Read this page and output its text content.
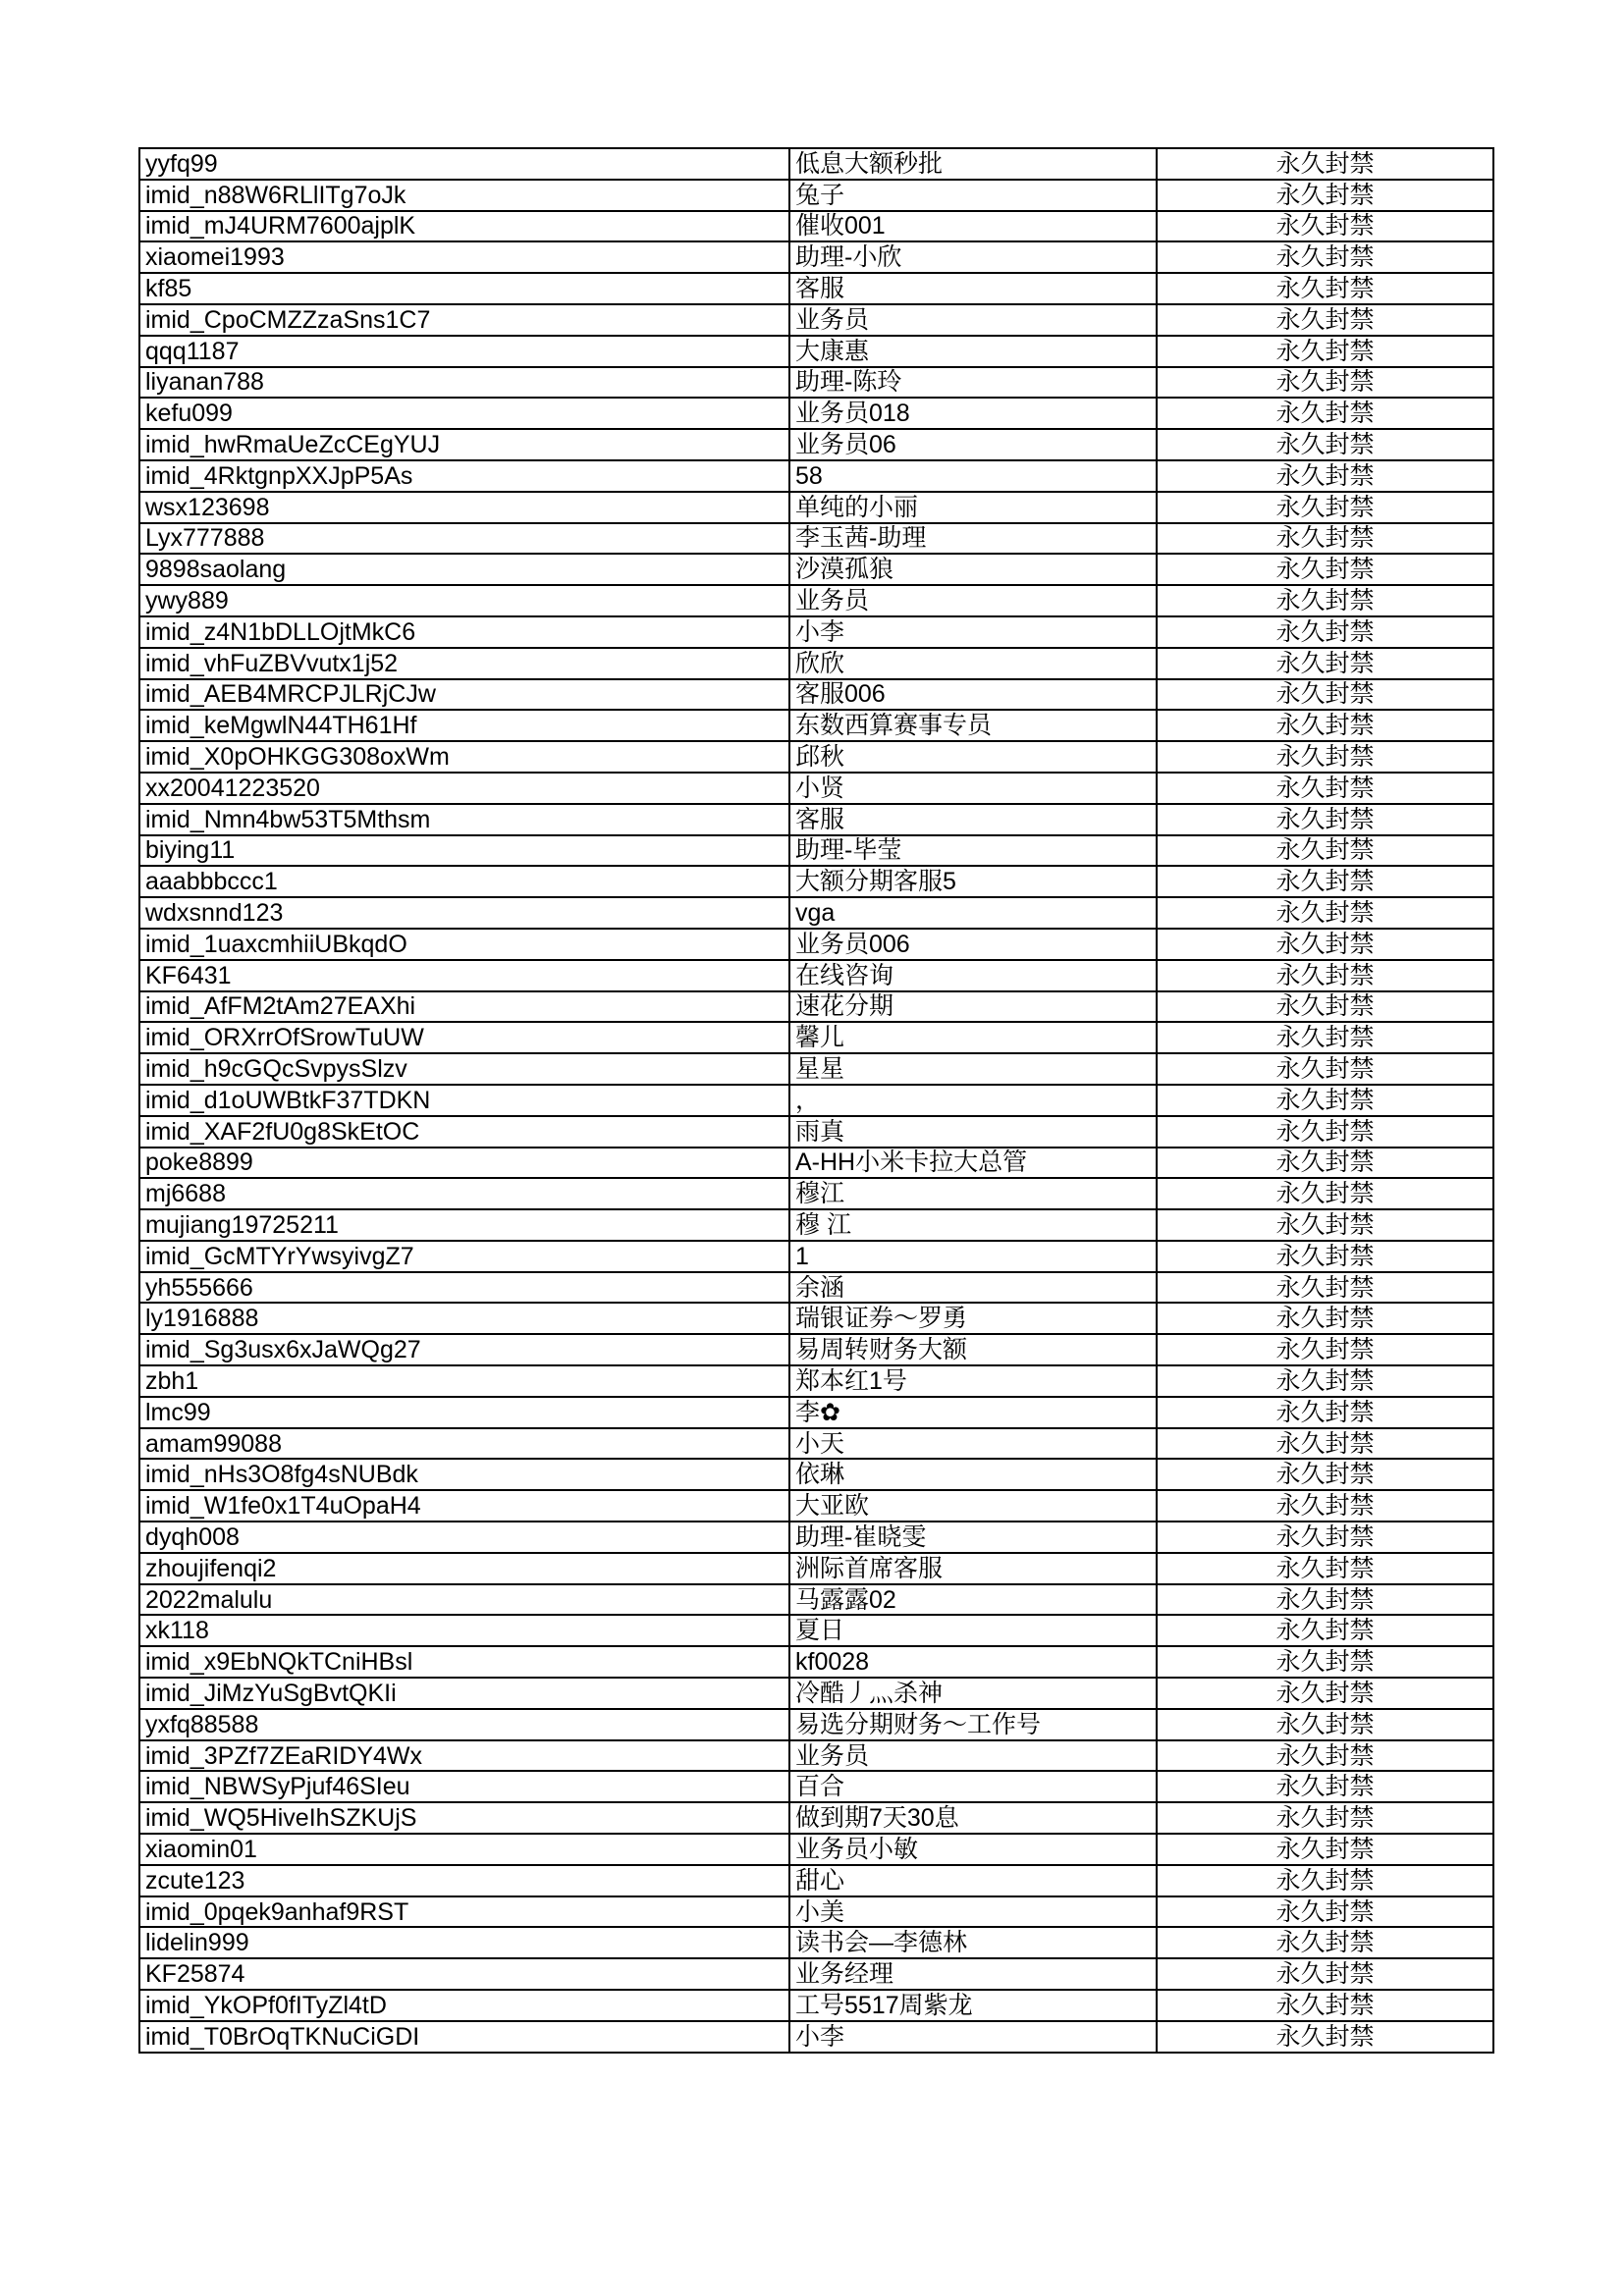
yyfq99	低息大额秒批	永久封禁
imid_n88W6RLlITg7oJk	兔子	永久封禁
imid_mJ4URM7600ajplK	催收001	永久封禁
xiaomei1993	助理-小欣	永久封禁
kf85	客服	永久封禁
imid_CpoCMZZzaSns1C7	业务员	永久封禁
qqq1187	大康惠	永久封禁
liyanan788	助理-陈玲	永久封禁
kefu099	业务员018	永久封禁
imid_hwRmaUeZcCEgYUJ	业务员06	永久封禁
imid_4RktgnpXXJpP5As	58	永久封禁
wsx123698	单纯的小丽	永久封禁
Lyx777888	李玉茜-助理	永久封禁
9898saolang	沙漠孤狼	永久封禁
ywy889	业务员	永久封禁
imid_z4N1bDLLOjtMkC6	小李	永久封禁
imid_vhFuZBVvutx1j52	欣欣	永久封禁
imid_AEB4MRCPJLRjCJw	客服006	永久封禁
imid_keMgwlN44TH61Hf	东数西算赛事专员	永久封禁
imid_X0pOHKGG308oxWm	邱秋	永久封禁
xx20041223520	小贤	永久封禁
imid_Nmn4bw53T5Mthsm	客服	永久封禁
biying11	助理-毕莹	永久封禁
aaabbbccc1	大额分期客服5	永久封禁
wdxsnnd123	vga	永久封禁
imid_1uaxcmhiiUBkqdO	业务员006	永久封禁
KF6431	在线咨询	永久封禁
imid_AfFM2tAm27EAXhi	速花分期	永久封禁
imid_ORXrrOfSrowTuUW	馨儿	永久封禁
imid_h9cGQcSvpysSlzv	星星	永久封禁
imid_d1oUWBtkF37TDKN	，	永久封禁
imid_XAF2fU0g8SkEtOC	雨真	永久封禁
poke8899	A-HH小米卡拉大总管	永久封禁
mj6688	穆江	永久封禁
mujiang19725211	穆 江	永久封禁
imid_GcMTYrYwsyivgZ7	1	永久封禁
yh555666	余涵	永久封禁
ly1916888	瑞银证券～罗勇	永久封禁
imid_Sg3usx6xJaWQg27	易周转财务大额	永久封禁
zbh1	郑本红1号	永久封禁
lmc99	李✿	永久封禁
amam99088	小天	永久封禁
imid_nHs3O8fg4sNUBdk	依琳	永久封禁
imid_W1fe0x1T4uOpaH4	大亚欧	永久封禁
dyqh008	助理-崔晓雯	永久封禁
zhoujifenqi2	洲际首席客服	永久封禁
2022malulu	马露露02	永久封禁
xk118	夏日	永久封禁
imid_x9EbNQkTCniHBsl	kf0028	永久封禁
imid_JiMzYuSgBvtQKIi	冷酷丿灬杀神	永久封禁
yxfq88588	易选分期财务～工作号	永久封禁
imid_3PZf7ZEaRIDY4Wx	业务员	永久封禁
imid_NBWSyPjuf46SIeu	百合	永久封禁
imid_WQ5HiveIhSZKUjS	做到期7天30息	永久封禁
xiaomin01	业务员小敏	永久封禁
zcute123	甜心	永久封禁
imid_0pqek9anhaf9RST	小美	永久封禁
lidelin999	读书会—李德林	永久封禁
KF25874	业务经理	永久封禁
imid_YkOPf0fITyZl4tD	工号5517周紫龙	永久封禁
imid_T0BrOqTKNuCiGDI	小李	永久封禁
